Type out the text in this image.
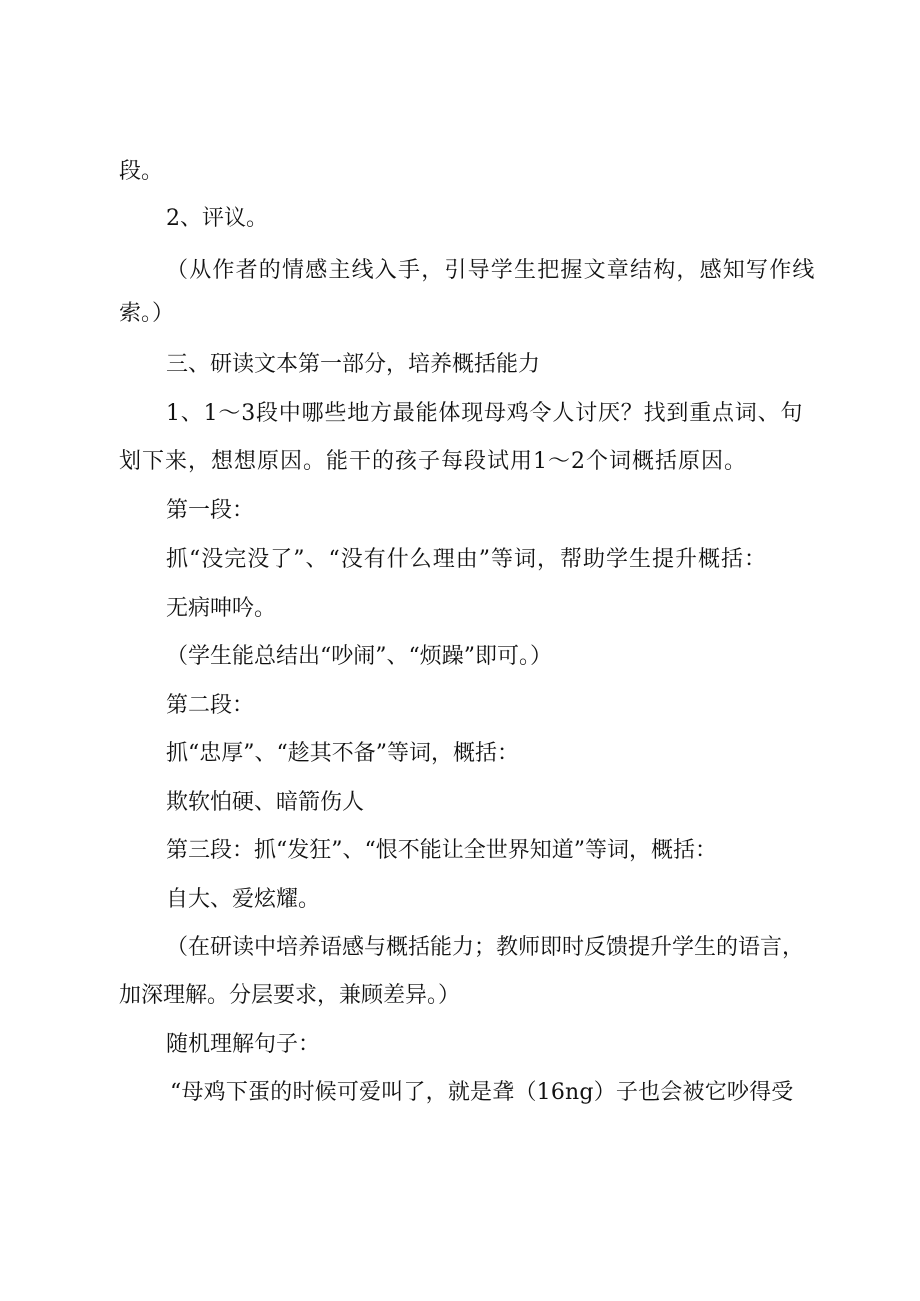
段。
2、评议。
（从作者的情感主线入手，引导学生把握文章结构，感知写作线
索。）
三、研读文本第一部分，培养概括能力
1、1～3段中哪些地方最能体现母鸡令人讨厌？找到重点词、句
划下来，想想原因。能干的孩子每段试用1～2个词概括原因。
第一段：
抓“没完没了”、“没有什么理由”等词，帮助学生提升概括：
无病呻吟。
（学生能总结出“吵闹”、“烦躁”即可。）
第二段：
抓“忠厚”、“趁其不备”等词，概括：
欺软怕硬、暗箭伤人
第三段：抓“发狂”、“恨不能让全世界知道”等词，概括：
自大、爱炫耀。
（在研读中培养语感与概括能力；教师即时反馈提升学生的语言，
加深理解。分层要求，兼顾差异。）
随机理解句子：
“母鸡下蛋的时候可爱叫了，就是聋（16ng）子也会被它吵得受
